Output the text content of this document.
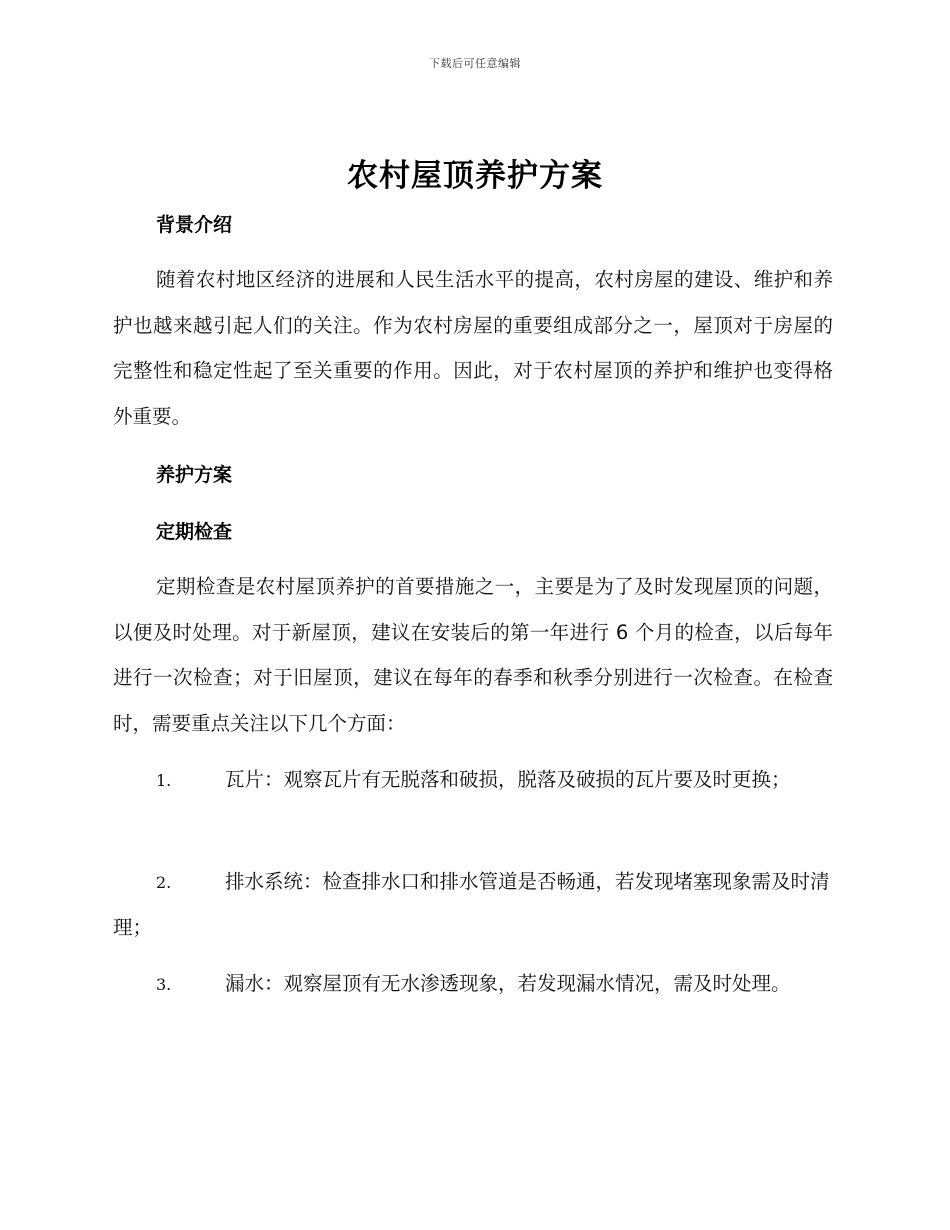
下载后可任意编辑
农村屋顶养护方案
背景介绍
随着农村地区经济的进展和人民生活水平的提高，农村房屋的建设、维护和养护也越来越引起人们的关注。作为农村房屋的重要组成部分之一，屋顶对于房屋的完整性和稳定性起了至关重要的作用。因此，对于农村屋顶的养护和维护也变得格外重要。
养护方案
定期检查
定期检查是农村屋顶养护的首要措施之一，主要是为了及时发现屋顶的问题，以便及时处理。对于新屋顶，建议在安装后的第一年进行 6 个月的检查，以后每年进行一次检查；对于旧屋顶，建议在每年的春季和秋季分别进行一次检查。在检查时，需要重点关注以下几个方面：
1.	瓦片：观察瓦片有无脱落和破损，脱落及破损的瓦片要及时更换；
2.	排水系统：检查排水口和排水管道是否畅通，若发现堵塞现象需及时清理；
3.	漏水：观察屋顶有无水渗透现象，若发现漏水情况，需及时处理。
